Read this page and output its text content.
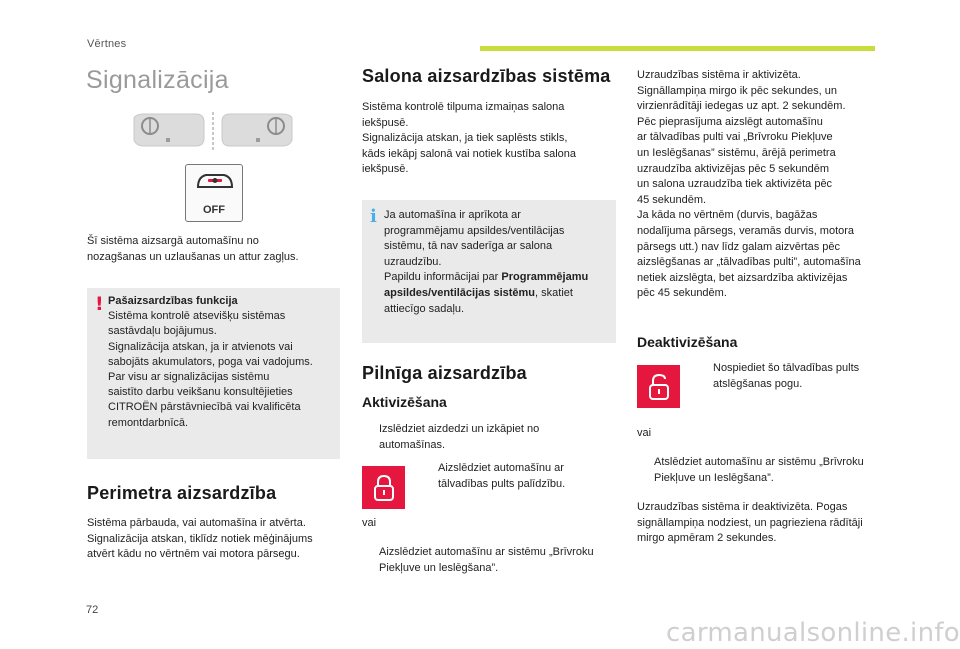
Vērtnes
Signalizācija
OFF
Šī sistēma aizsargā automašīnu no
nozagšanas un uzlaušanas un attur zagļus.
! Pašaizsardzības funkcija
Sistēma kontrolē atsevišķu sistēmas
sastāvdaļu bojājumus.
Signalizācija atskan, ja ir atvienots vai
sabojāts akumulators, poga vai vadojums.
Par visu ar signalizācijas sistēmu
saistīto darbu veikšanu konsultējieties
CITROËN pārstāvniecībā vai kvalificēta
remontdarbnīcā.
Perimetra aizsardzība
Sistēma pārbauda, vai automašīna ir atvērta.
Signalizācija atskan, tiklīdz notiek mēģinājums
atvērt kādu no vērtnēm vai motora pārsegu.
Salona aizsardzības sistēma
Sistēma kontrolē tilpuma izmaiņas salona
iekšpusē.
Signalizācija atskan, ja tiek saplēsts stikls,
kāds iekāpj salonā vai notiek kustība salona
iekšpusē.
i Ja automašīna ir aprīkota ar
programmējamu apsildes/ventilācijas
sistēmu, tā nav saderīga ar salona
uzraudzību.
Papildu informācijai par Programmējamu
apsildes/ventilācijas sistēmu, skatiet
attiecīgo sadaļu.
Pilnīga aizsardzība
Aktivizēšana
Izslēdziet aizdedzi un izkāpiet no
automašīnas.
Aizslēdziet automašīnu ar
tālvadības pults palīdzību.
vai
Aizslēdziet automašīnu ar sistēmu „Brīvroku
Piekļuve un leslēgšana”.
Uzraudzības sistēma ir aktivizēta.
Signāllampiņa mirgo ik pēc sekundes, un
virzienrādītāji iedegas uz apt. 2 sekundēm.
Pēc pieprasījuma aizslēgt automašīnu
ar tālvadības pulti vai „Brīvroku Piekļuve
un Ieslēgšanas” sistēmu, ārējā perimetra
uzraudzība aktivizējas pēc 5 sekundēm
un salona uzraudzība tiek aktivizēta pēc
45 sekundēm.
Ja kāda no vērtnēm (durvis, bagāžas
nodalījuma pārsegs, veramās durvis, motora
pārsegs utt.) nav līdz galam aizvērtas pēc
aizslēgšanas ar „tālvadības pulti”, automašīna
netiek aizslēgta, bet aizsardzība aktivizējas
pēc 45 sekundēm.
Deaktivizēšana
Nospiediet šo tālvadības pults
atslēgšanas pogu.
vai
Atslēdziet automašīnu ar sistēmu „Brīvroku
Piekļuve un Ieslēgšana”.
Uzraudzības sistēma ir deaktivizēta. Pogas
signāllampiņa nodziest, un pagrieziena rādītāji
mirgo apmēram 2 sekundes.
72
carmanualsonline.info
